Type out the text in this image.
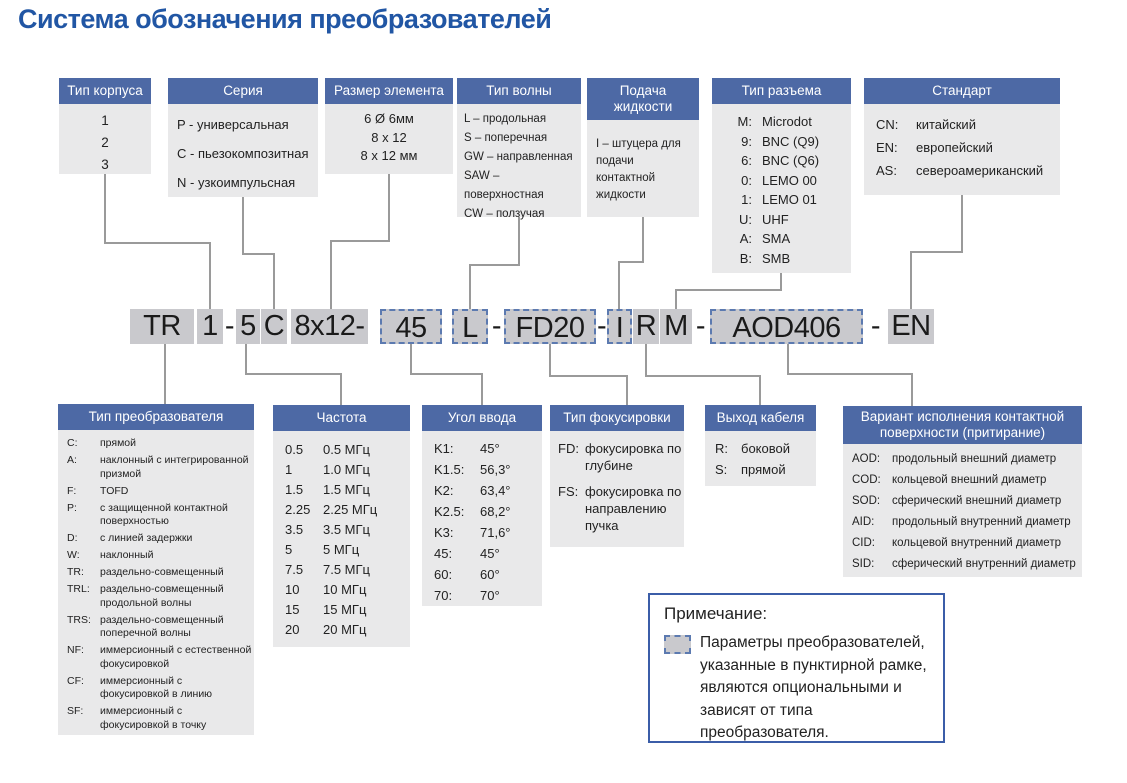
Система обозначения преобразователей
Тип корпуса
1
2
3
Серия
P - универсальная
C - пьезокомпозитная
N - узкоимпульсная
Размер элемента
6 Ø 6мм
8 x 12
8 x 12 мм
Тип волны
L – продольная
S – поперечная
GW – направленная
SAW – поверхностная
CW – ползучая
Подача жидкости
I – штуцера для подачи контактной жидкости
Тип разъема
M: Microdot
9: BNC (Q9)
6: BNC (Q6)
0: LEMO 00
1: LEMO 01
U: UHF
A: SMA
B: SMB
Стандарт
CN:	китайский
EN:	европейский
AS:	североамериканский
TR 1 - 5 C 8x12-	45	L - FD20 - I R M - AOD406	- EN
Тип преобразователя
C:	прямой
A:	наклонный с интегрированной призмой
F:	TOFD
P:	с защищенной контактной поверхностью
D:	с линией задержки
W:	наклонный
TR:	раздельно-совмещенный
TRL: раздельно-совмещенный продольной волны
TRS: раздельно-совмещенный поперечной волны
NF:	иммерсионный с естественной фокусировкой
CF:	иммерсионный с фокусировкой в линию
SF:	иммерсионный с фокусировкой в точку
Частота
0.5	0.5 МГц
1	1.0 МГц
1.5	1.5 МГц
2.25 2.25 МГц
3.5	3.5 МГц
5	5 МГц
7.5	7.5 МГц
10	10 МГц
15	15 МГц
20	20 МГц
Угол ввода
K1:	45°
K1.5:	56,3°
K2:	63,4°
K2.5:	68,2°
K3:	71,6°
45:	45°
60:	60°
70:	70°
Тип фокусировки
FD: фокусировка по глубине
FS: фокусировка по направлению пучка
Выход кабеля
R:	боковой
S:	прямой
Вариант исполнения контактной поверхности (притирание)
AOD:	продольный внешний диаметр
COD: кольцевой внешний диаметр
SOD:	сферический внешний диаметр
AID:	продольный внутренний диаметр
CID:	кольцевой внутренний диаметр
SID:	сферический внутренний диаметр
Примечание:
Параметры преобразователей, указанные в пунктирной рамке, являются опциональными и зависят от типа преобразователя.
